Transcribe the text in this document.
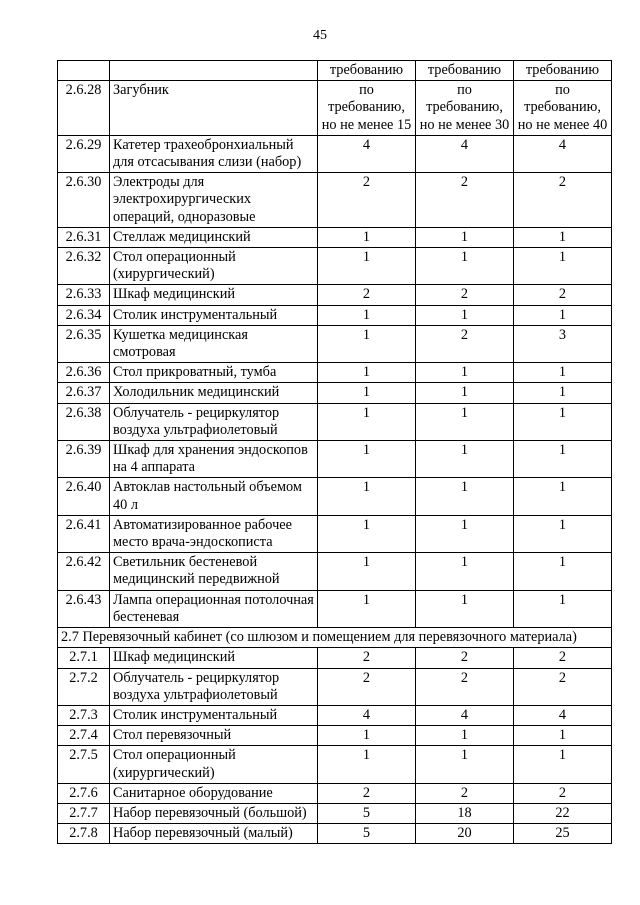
45
		требованию	требованию	требованию
2.6.28	Загубник	по требованию, но не менее 15	по требованию, но не менее 30	по требованию, но не менее 40
2.6.29	Катетер трахеобронхиальный для отсасывания слизи (набор)	4	4	4
2.6.30	Электроды для электрохирургических операций, одноразовые	2	2	2
2.6.31	Стеллаж медицинский	1	1	1
2.6.32	Стол операционный (хирургический)	1	1	1
2.6.33	Шкаф медицинский	2	2	2
2.6.34	Столик инструментальный	1	1	1
2.6.35	Кушетка медицинская смотровая	1	2	3
2.6.36	Стол прикроватный, тумба	1	1	1
2.6.37	Холодильник медицинский	1	1	1
2.6.38	Облучатель - рециркулятор воздуха ультрафиолетовый	1	1	1
2.6.39	Шкаф для хранения эндоскопов на 4 аппарата	1	1	1
2.6.40	Автоклав настольный объемом 40 л	1	1	1
2.6.41	Автоматизированное рабочее место врача-эндоскописта	1	1	1
2.6.42	Светильник бестеневой медицинский передвижной	1	1	1
2.6.43	Лампа операционная потолочная бестеневая	1	1	1
2.7 Перевязочный кабинет (со шлюзом и помещением для перевязочного материала)				
2.7.1	Шкаф медицинский	2	2	2
2.7.2	Облучатель - рециркулятор воздуха ультрафиолетовый	2	2	2
2.7.3	Столик инструментальный	4	4	4
2.7.4	Стол перевязочный	1	1	1
2.7.5	Стол операционный (хирургический)	1	1	1
2.7.6	Санитарное оборудование	2	2	2
2.7.7	Набор перевязочный (большой)	5	18	22
2.7.8	Набор перевязочный (малый)	5	20	25
